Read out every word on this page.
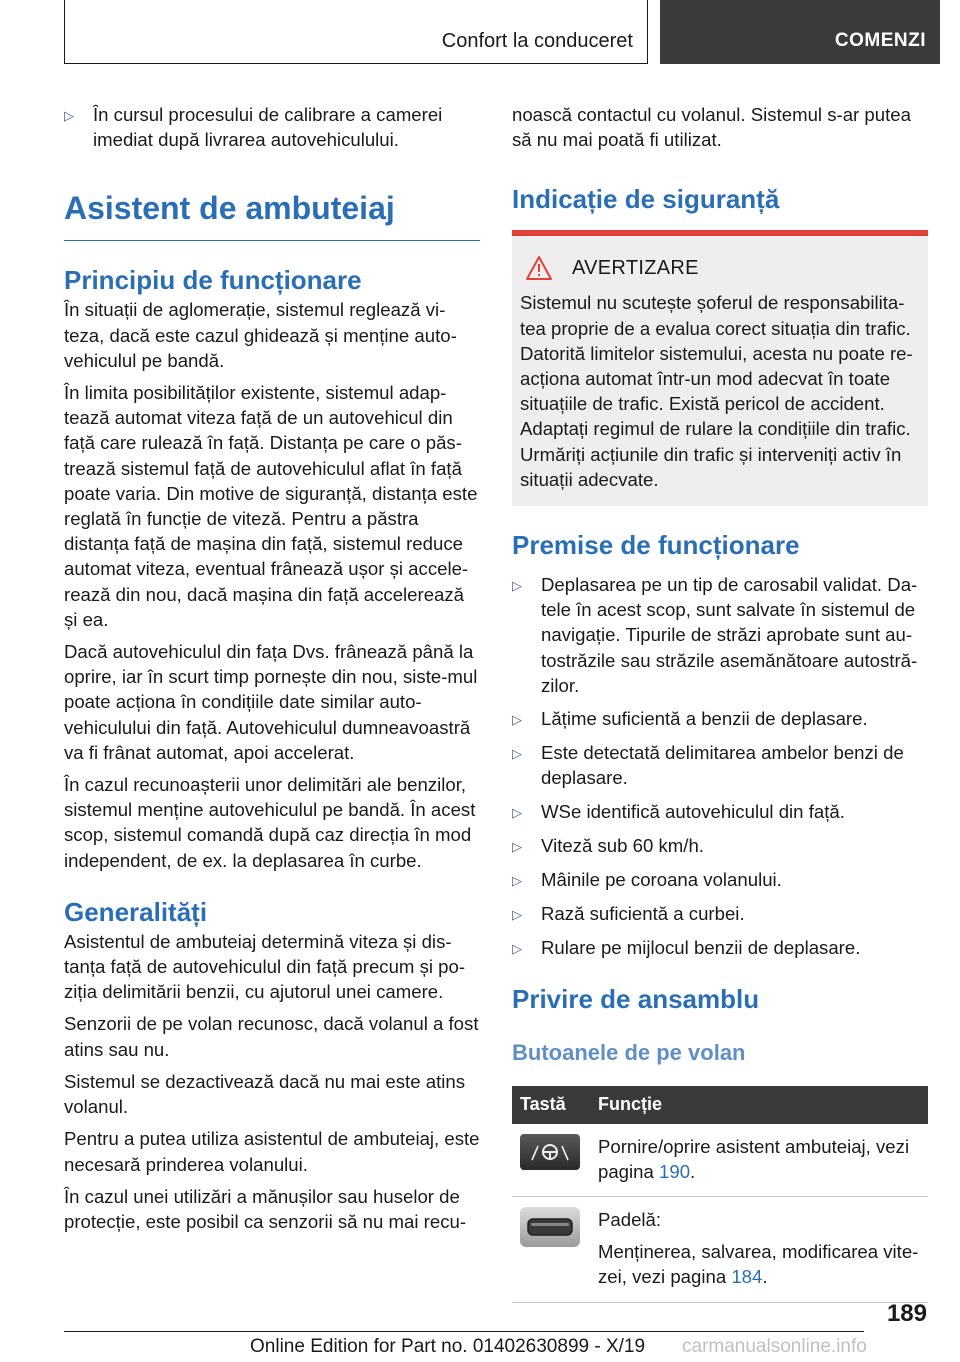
Confort la conduceret	COMENZI
▷	În cursul procesului de calibrare a camerei imediat după livrarea autovehiculului.
Asistent de ambuteiaj
Principiu de funcționare

În situații de aglomerație, sistemul reglează vi-teza, dacă este cazul ghidează și menține auto-vehiculul pe bandă.

În limita posibilităților existente, sistemul adap-tează automat viteza față de un autovehicul din față care rulează în față. Distanța pe care o păs-trează sistemul față de autovehiculul aflat în față poate varia. Din motive de siguranță, distanța este reglată în funcție de viteză. Pentru a păstra distanța față de mașina din față, sistemul reduce automat viteza, eventual frânează ușor și accele-rează din nou, dacă mașina din față accelerează și ea.

Dacă autovehiculul din fața Dvs. frânează până la oprire, iar în scurt timp pornește din nou, siste-mul poate acționa în condițiile date similar auto-vehiculului din față. Autovehiculul dumneavoastră va fi frânat automat, apoi accelerat.

În cazul recunoașterii unor delimitări ale benzilor, sistemul menține autovehiculul pe bandă. În acest scop, sistemul comandă după caz direcția în mod independent, de ex. la deplasarea în curbe.

Generalități

Asistentul de ambuteiaj determină viteza și dis-tanța față de autovehiculul din față precum și po-ziția delimitării benzii, cu ajutorul unei camere.

Senzorii de pe volan recunosc, dacă volanul a fost atins sau nu.

Sistemul se dezactivează dacă nu mai este atins volanul.

Pentru a putea utiliza asistentul de ambuteiaj, este necesară prinderea volanului.

În cazul unei utilizări a mănușilor sau huselor de protecție, este posibil ca senzorii să nu mai recu-

noască contactul cu volanul. Sistemul s-ar putea să nu mai poată fi utilizat.

Indicație de siguranță
AVERTIZARE

Sistemul nu scutește șoferul de responsabilita-tea proprie de a evalua corect situația din trafic. Datorită limitelor sistemului, acesta nu poate re-acționa automat într-un mod adecvat în toate situațiile de trafic. Există pericol de accident. Adaptați regimul de rulare la condițiile din trafic. Urmăriți acțiunile din trafic și interveniți activ în situații adecvate.

Premise de funcționare
▷	Deplasarea pe un tip de carosabil validat. Da-tele în acest scop, sunt salvate în sistemul de navigație. Tipurile de străzi aprobate sunt au-tostrăzile sau străzile asemănătoare autostră-zilor.
▷	Lățime suficientă a benzii de deplasare.
▷	Este detectată delimitarea ambelor benzi de deplasare.
▷	WSe identifică autovehiculul din față.
▷	Viteză sub 60 km/h.
▷	Mâinile pe coroana volanului.
▷	Rază suficientă a curbei.
▷	Rulare pe mijlocul benzii de deplasare.
Privire de ansamblu
Butoanele de pe volan
Tastă	Funcție

	Pornire/oprire asistent ambuteiaj, vezi pagina 190.

Padelă:

Menținerea, salvarea, modificarea vite-zei, vezi pagina 184.
189
Online Edition for Part no. 01402630899 - X/19 carmanualsonline.info
